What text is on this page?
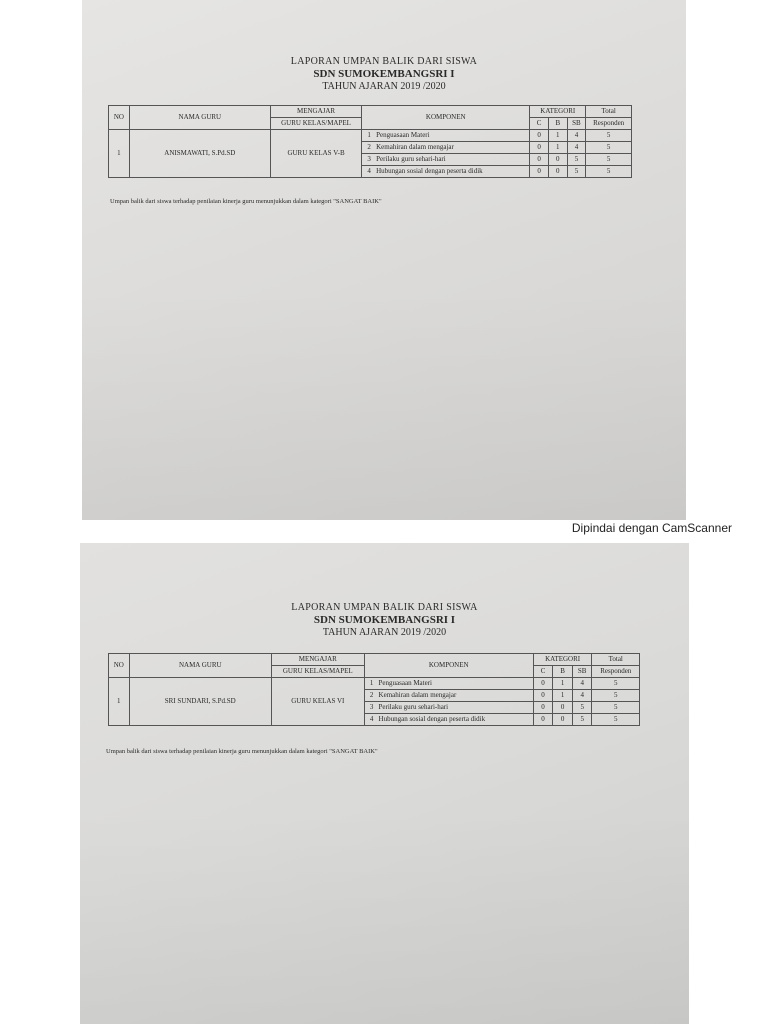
LAPORAN UMPAN BALIK DARI SISWA
SDN SUMOKEMBANGSRI I
TAHUN AJARAN 2019 /2020
NO	NAMA GURU	MENGAJAR	KOMPONEN		KATEGORI			Total
		GURU KELAS/MAPEL			C	B	SB	Responden
1	ANISMAWATI, S.Pd.SD	GURU KELAS V-B	1	Penguasaan Materi	0	1	4	5
			2	Kemahiran dalam mengajar	0	1	4	5
			3	Perilaku guru sehari-hari	0	0	5	5
			4	Hubungan sosial dengan peserta didik	0	0	5	5
Umpan balik dari siswa terhadap penilaian kinerja guru menunjukkan dalam kategori "SANGAT BAIK"
Dipindai dengan CamScanner
LAPORAN UMPAN BALIK DARI SISWA
SDN SUMOKEMBANGSRI I
TAHUN AJARAN 2019 /2020
NO	NAMA GURU	MENGAJAR	KOMPONEN		KATEGORI			Total
		GURU KELAS/MAPEL			C	B	SB	Responden
1	SRI SUNDARI, S.Pd.SD	GURU KELAS VI	1	Penguasaan Materi	0	1	4	5
			2	Kemahiran dalam mengajar	0	1	4	5
			3	Perilaku guru sehari-hari	0	0	5	5
			4	Hubungan sosial dengan peserta didik	0	0	5	5
Umpan balik dari siswa terhadap penilaian kinerja guru menunjukkan dalam kategori "SANGAT BAIK"
